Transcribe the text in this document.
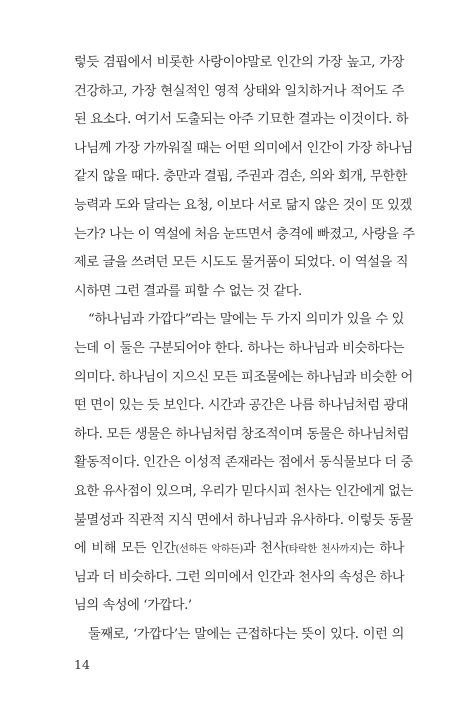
렇듯 겸핍에서 비롯한 사랑이야말로 인간의 가장 높고, 가장
건강하고, 가장 현실적인 영적 상태와 일치하거나 적어도 주
된 요소다. 여기서 도출되는 아주 기묘한 결과는 이것이다. 하
나님께 가장 가까워질 때는 어떤 의미에서 인간이 가장 하나님
같지 않을 때다. 충만과 결핍, 주권과 겸손, 의와 회개, 무한한
능력과 도와 달라는 요청, 이보다 서로 닮지 않은 것이 또 있겠
는가? 나는 이 역설에 처음 눈뜨면서 충격에 빠졌고, 사랑을 주
제로 글을 쓰려던 모든 시도도 물거품이 되었다. 이 역설을 직
시하면 그런 결과를 피할 수 없는 것 같다.
“하나님과 가깝다”라는 말에는 두 가지 의미가 있을 수 있
는데 이 둘은 구분되어야 한다. 하나는 하나님과 비슷하다는
의미다. 하나님이 지으신 모든 피조물에는 하나님과 비슷한 어
떤 면이 있는 듯 보인다. 시간과 공간은 나름 하나님처럼 광대
하다. 모든 생물은 하나님처럼 창조적이며 동물은 하나님처럼
활동적이다. 인간은 이성적 존재라는 점에서 동식물보다 더 중
요한 유사점이 있으며, 우리가 믿다시피 천사는 인간에게 없는
불멸성과 직관적 지식 면에서 하나님과 유사하다. 이렇듯 동물
에 비해 모든 인간(선하든 악하든)과 천사(타락한 천사까지)는 하나
님과 더 비슷하다. 그런 의미에서 인간과 천사의 속성은 하나
님의 속성에 ‘가깝다.’
둘째로, ‘가깝다’는 말에는 근접하다는 뜻이 있다. 이런 의
14
